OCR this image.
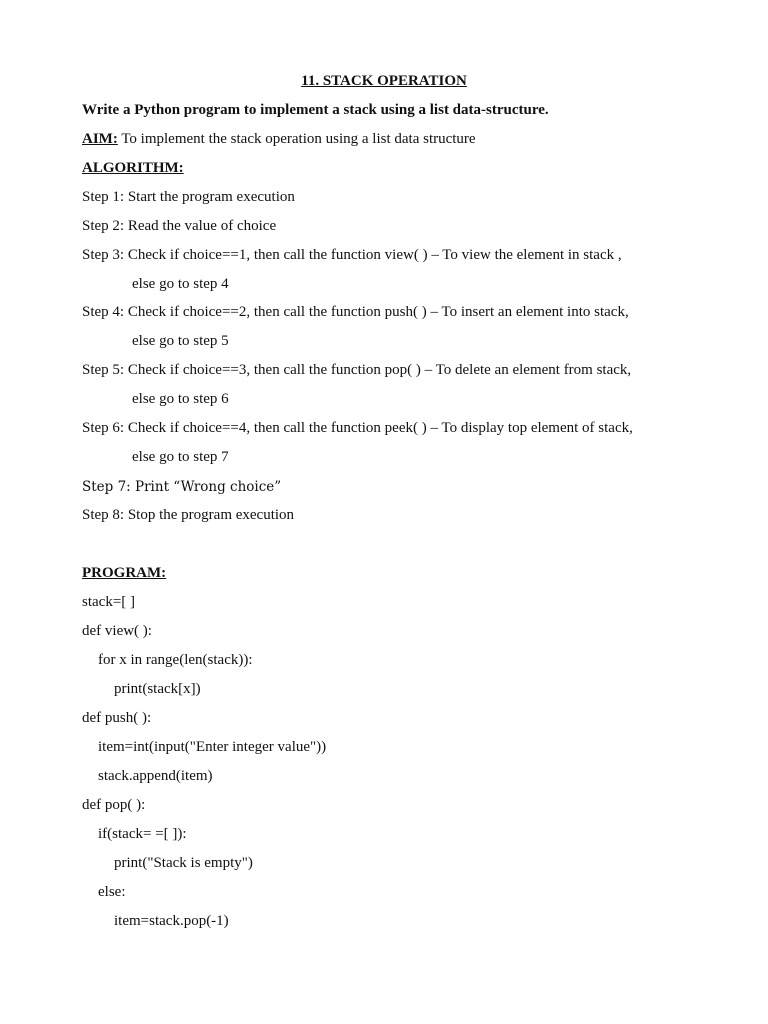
11. STACK OPERATION
Write a Python program to implement a stack using a list data-structure.
AIM: To implement the stack operation using a list data structure
ALGORITHM:
Step 1: Start the program execution
Step 2: Read the value of choice
Step 3: Check if choice==1, then call the function view( ) – To view the element in stack ,
else go to step 4
Step 4: Check if choice==2, then call the function push( ) – To insert an element into stack,
else go to step 5
Step 5: Check if choice==3, then call the function pop( ) – To delete an element from stack,
else go to step 6
Step 6: Check if choice==4, then call the function peek( ) – To display top element of stack,
else go to step 7
Step 7: Print “Wrong choice”
Step 8: Stop the program execution
PROGRAM:
stack=[ ]
def view( ):
for x in range(len(stack)):
print(stack[x])
def push( ):
item=int(input("Enter integer value"))
stack.append(item)
def pop( ):
if(stack= =[ ]):
print("Stack is empty")
else:
item=stack.pop(-1)
